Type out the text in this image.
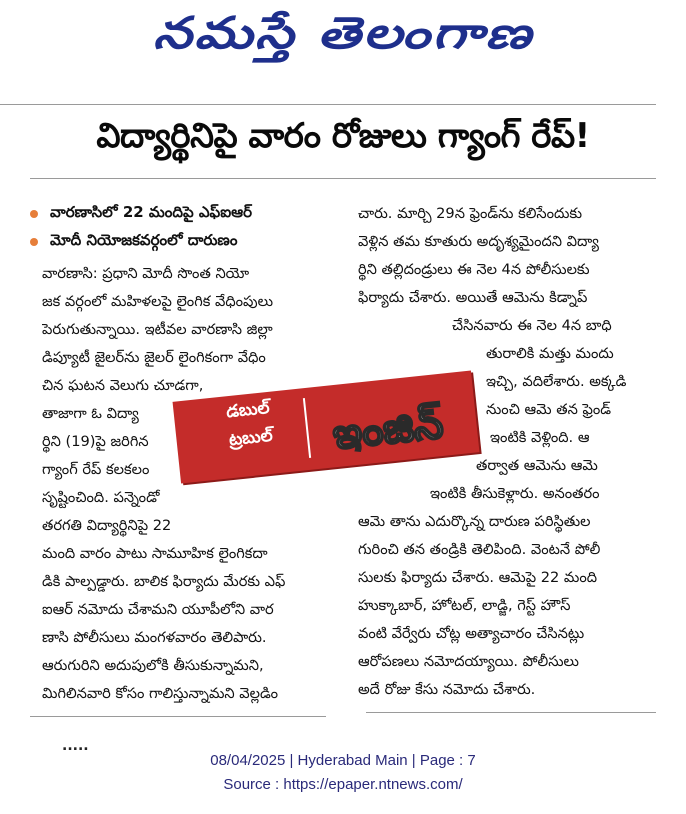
నమస్తే తెలంగాణ
విద్యార్థినిపై వారం రోజులు గ్యాంగ్ రేప్!
వారణాసిలో 22 మందిపై ఎఫ్ఐఆర్
మోదీ నియోజకవర్గంలో దారుణం
వారణాసి: ప్రధాని మోదీ సొంత నియో
జక వర్గంలో మహిళలపై లైంగిక వేధింపులు
పెరుగుతున్నాయి. ఇటీవల వారణాసి జిల్లా
డిప్యూటీ జైలర్‌ను జైలర్ లైంగికంగా వేధిం
చిన ఘటన వెలుగు చూడగా,
తాజాగా ఓ విద్యా
ర్థిని (19)పై జరిగిన
గ్యాంగ్ రేప్ కలకలం
సృష్టించింది. పన్నెండో
తరగతి విద్యార్థినిపై 22
మంది వారం పాటు సామూహిక లైంగికదా
డికి పాల్పడ్డారు. బాలిక ఫిర్యాదు మేరకు ఎఫ్
ఐఆర్ నమోదు చేశామని యూపీలోని వార
ణాసి పోలీసులు మంగళవారం తెలిపారు.
ఆరుగురిని అదుపులోకి తీసుకున్నామని,
మిగిలినవారి కోసం గాలిస్తున్నామని వెల్లడిం
చారు. మార్చి 29న ఫ్రెండ్‌ను కలిసేందుకు
వెళ్లిన తమ కూతురు అదృశ్యమైందని విద్యా
ర్థిని తల్లిదండ్రులు ఈ నెల 4న పోలీసులకు
ఫిర్యాదు చేశారు. అయితే ఆమెను కిడ్నాప్
చేసినవారు ఈ నెల 4న బాధి
తురాలికి మత్తు మందు
ఇచ్చి, వదిలేశారు. అక్కడి
నుంచి ఆమె తన ఫ్రెండ్
ఇంటికి వెళ్లింది. ఆ
తర్వాత ఆమెను ఆమె
ఇంటికి తీసుకెళ్లారు. అనంతరం
ఆమె తాను ఎదుర్కొన్న దారుణ పరిస్థితుల
గురించి తన తండ్రికి తెలిపింది. వెంటనే పోలీ
సులకు ఫిర్యాదు చేశారు. ఆమెపై 22 మంది
హుక్కాబార్, హోటల్, లాడ్జి, గెస్ట్ హౌస్
వంటి వేర్వేరు చోట్ల అత్యాచారం చేసినట్లు
ఆరోపణలు నమోదయ్యాయి. పోలీసులు
అదే రోజు కేసు నమోదు చేశారు.
డబుల్
ట్రబుల్	ఇంజిన్
.....
08/04/2025 | Hyderabad Main | Page : 7
Source : https://epaper.ntnews.com/
